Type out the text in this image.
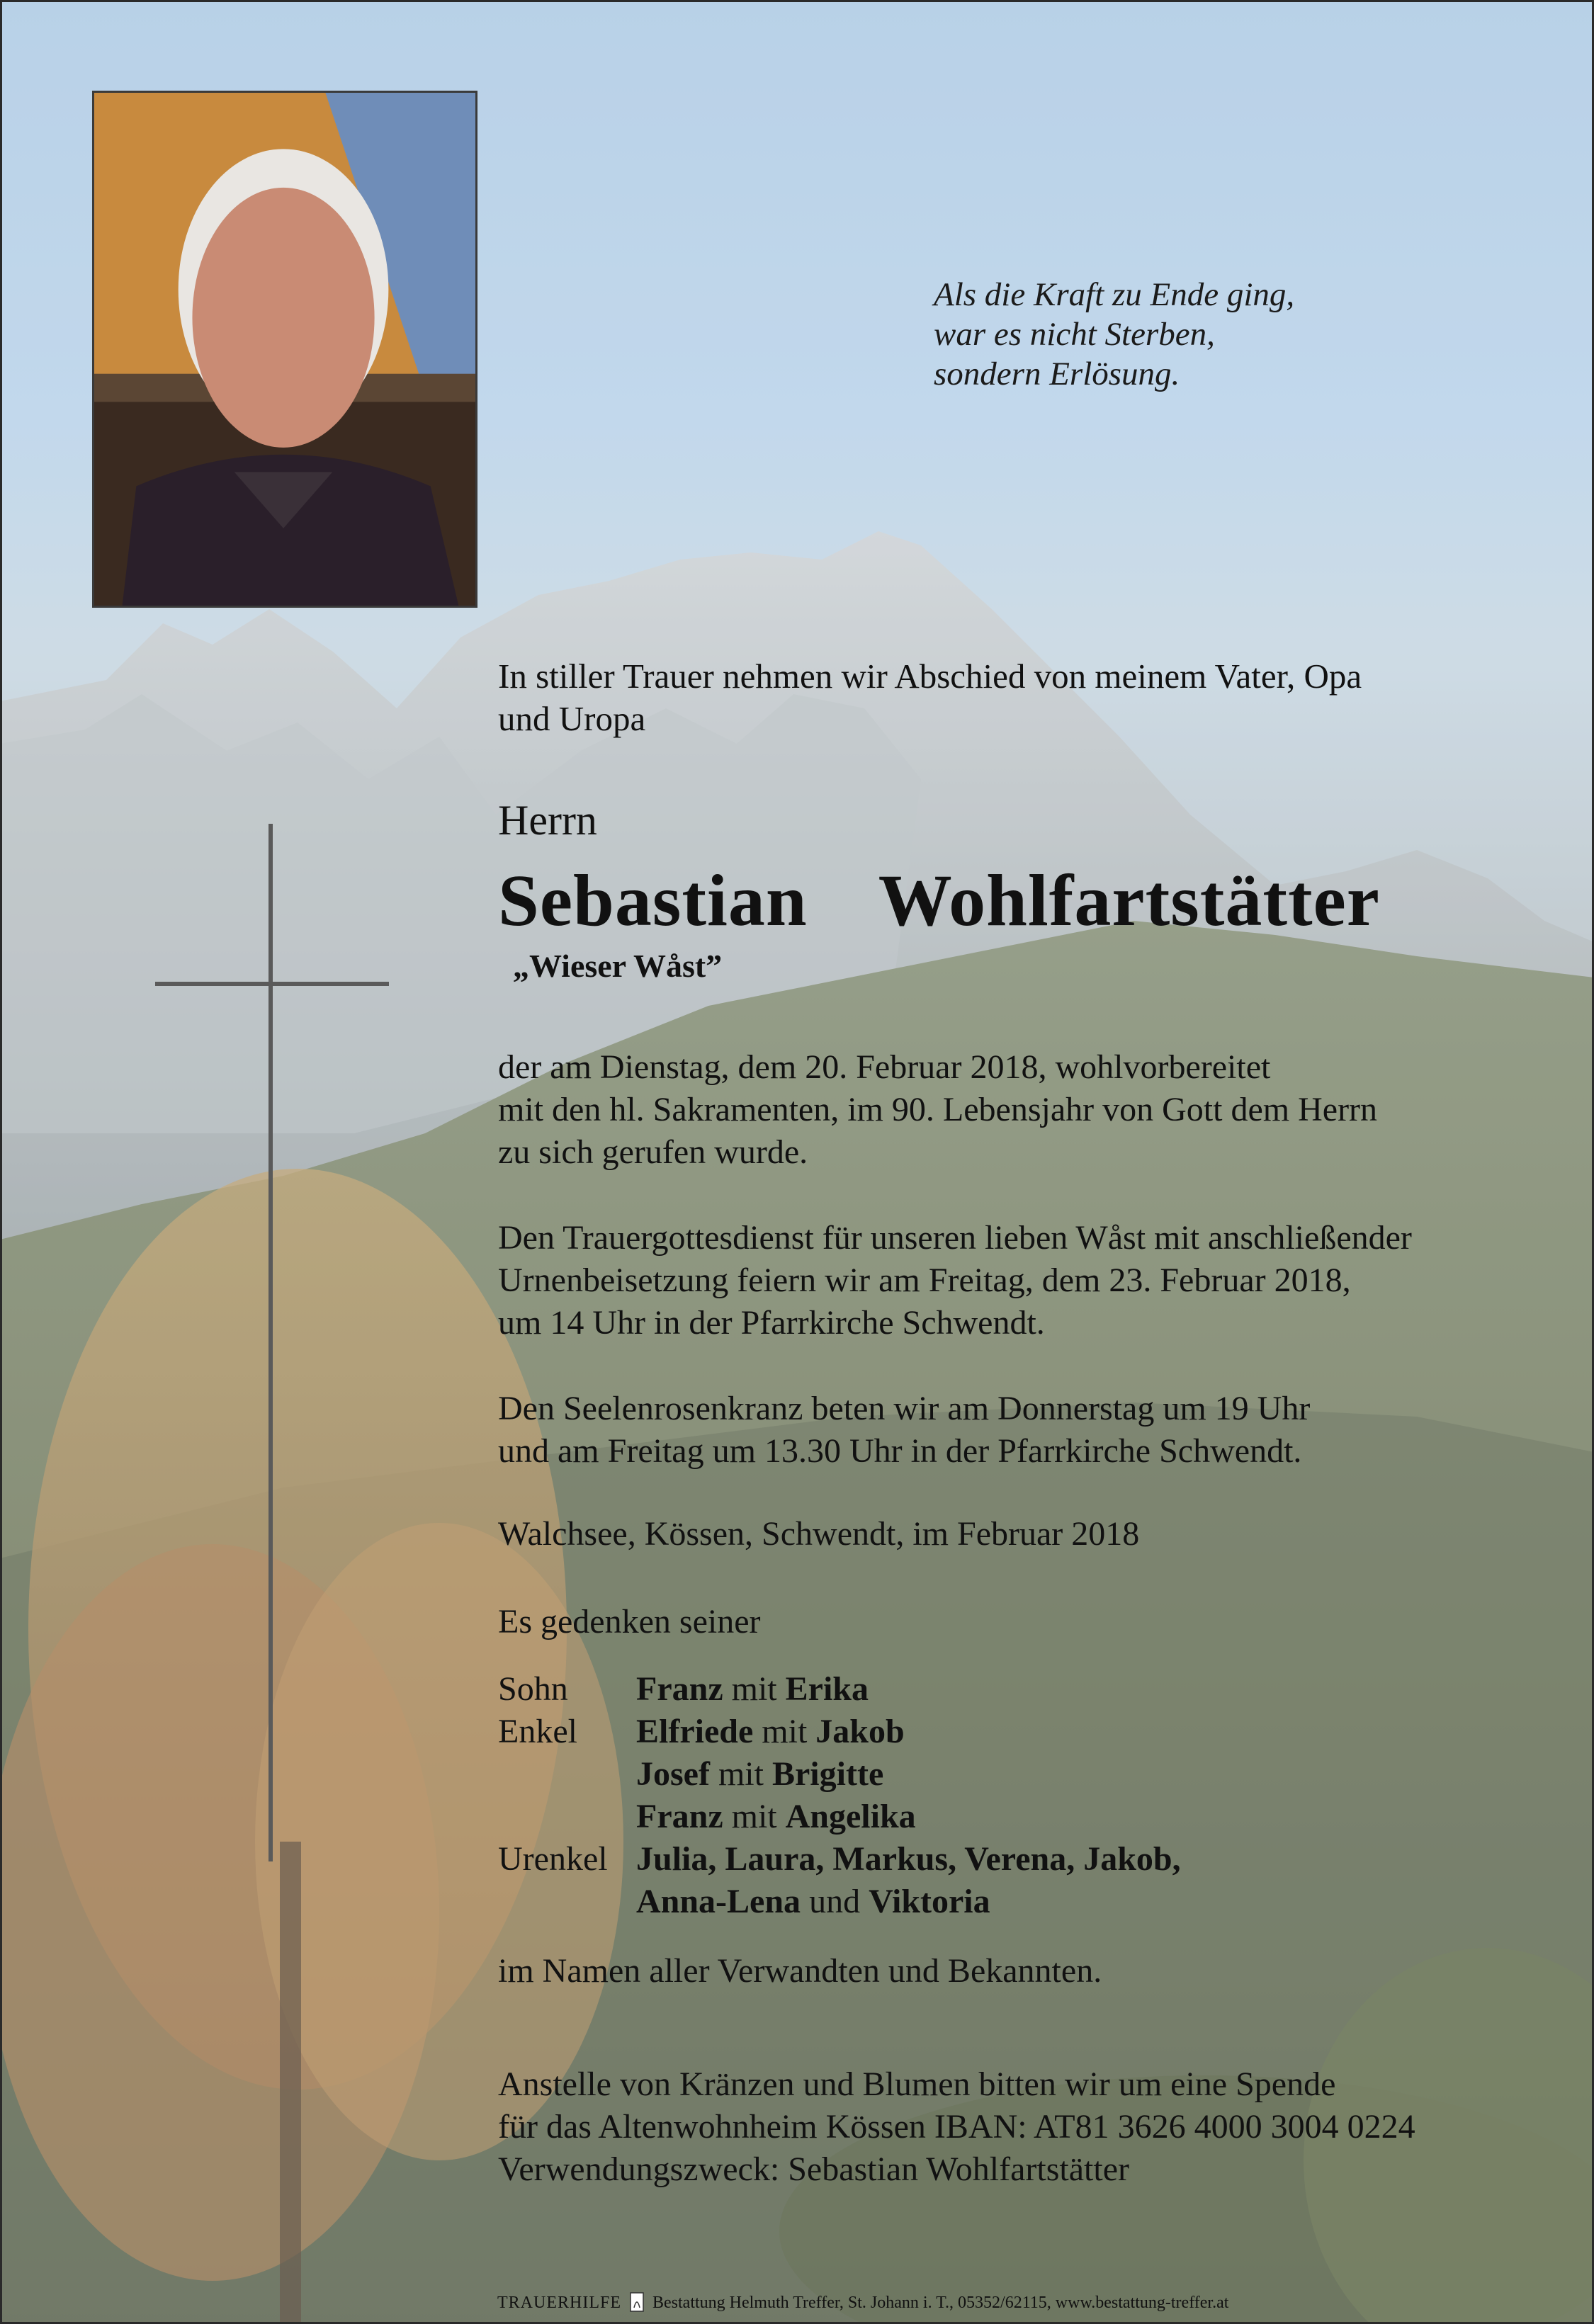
Als die Kraft zu Ende ging,
war es nicht Sterben,
sondern Erlösung.
In stiller Trauer nehmen wir Abschied von meinem Vater, Opa
und Uropa
Herrn
Sebastian  Wohlfartstätter
„Wieser Wåst”
der am Dienstag, dem 20. Februar 2018, wohlvorbereitet
mit den hl. Sakramenten, im 90. Lebensjahr von Gott dem Herrn
zu sich gerufen wurde.
Den Trauergottesdienst für unseren lieben Wåst mit anschließender
Urnenbeisetzung feiern wir am Freitag, dem 23. Februar 2018,
um 14 Uhr in der Pfarrkirche Schwendt.
Den Seelenrosenkranz beten wir am Donnerstag um 19 Uhr
und am Freitag um 13.30 Uhr in der Pfarrkirche Schwendt.
Walchsee, Kössen, Schwendt, im Februar 2018
Es gedenken seiner
Sohn Franz mit Erika
Enkel Elfriede mit Jakob
Josef mit Brigitte
Franz mit Angelika
Urenkel Julia, Laura, Markus, Verena, Jakob,
Anna-Lena und Viktoria
im Namen aller Verwandten und Bekannten.
Anstelle von Kränzen und Blumen bitten wir um eine Spende
für das Altenwohnheim Kössen IBAN: AT81 3626 4000 3004 0224
Verwendungszweck: Sebastian Wohlfartstätter
TRAUERHILFE Bestattung Helmuth Treffer, St. Johann i. T., 05352/62115, www.bestattung-treffer.at
